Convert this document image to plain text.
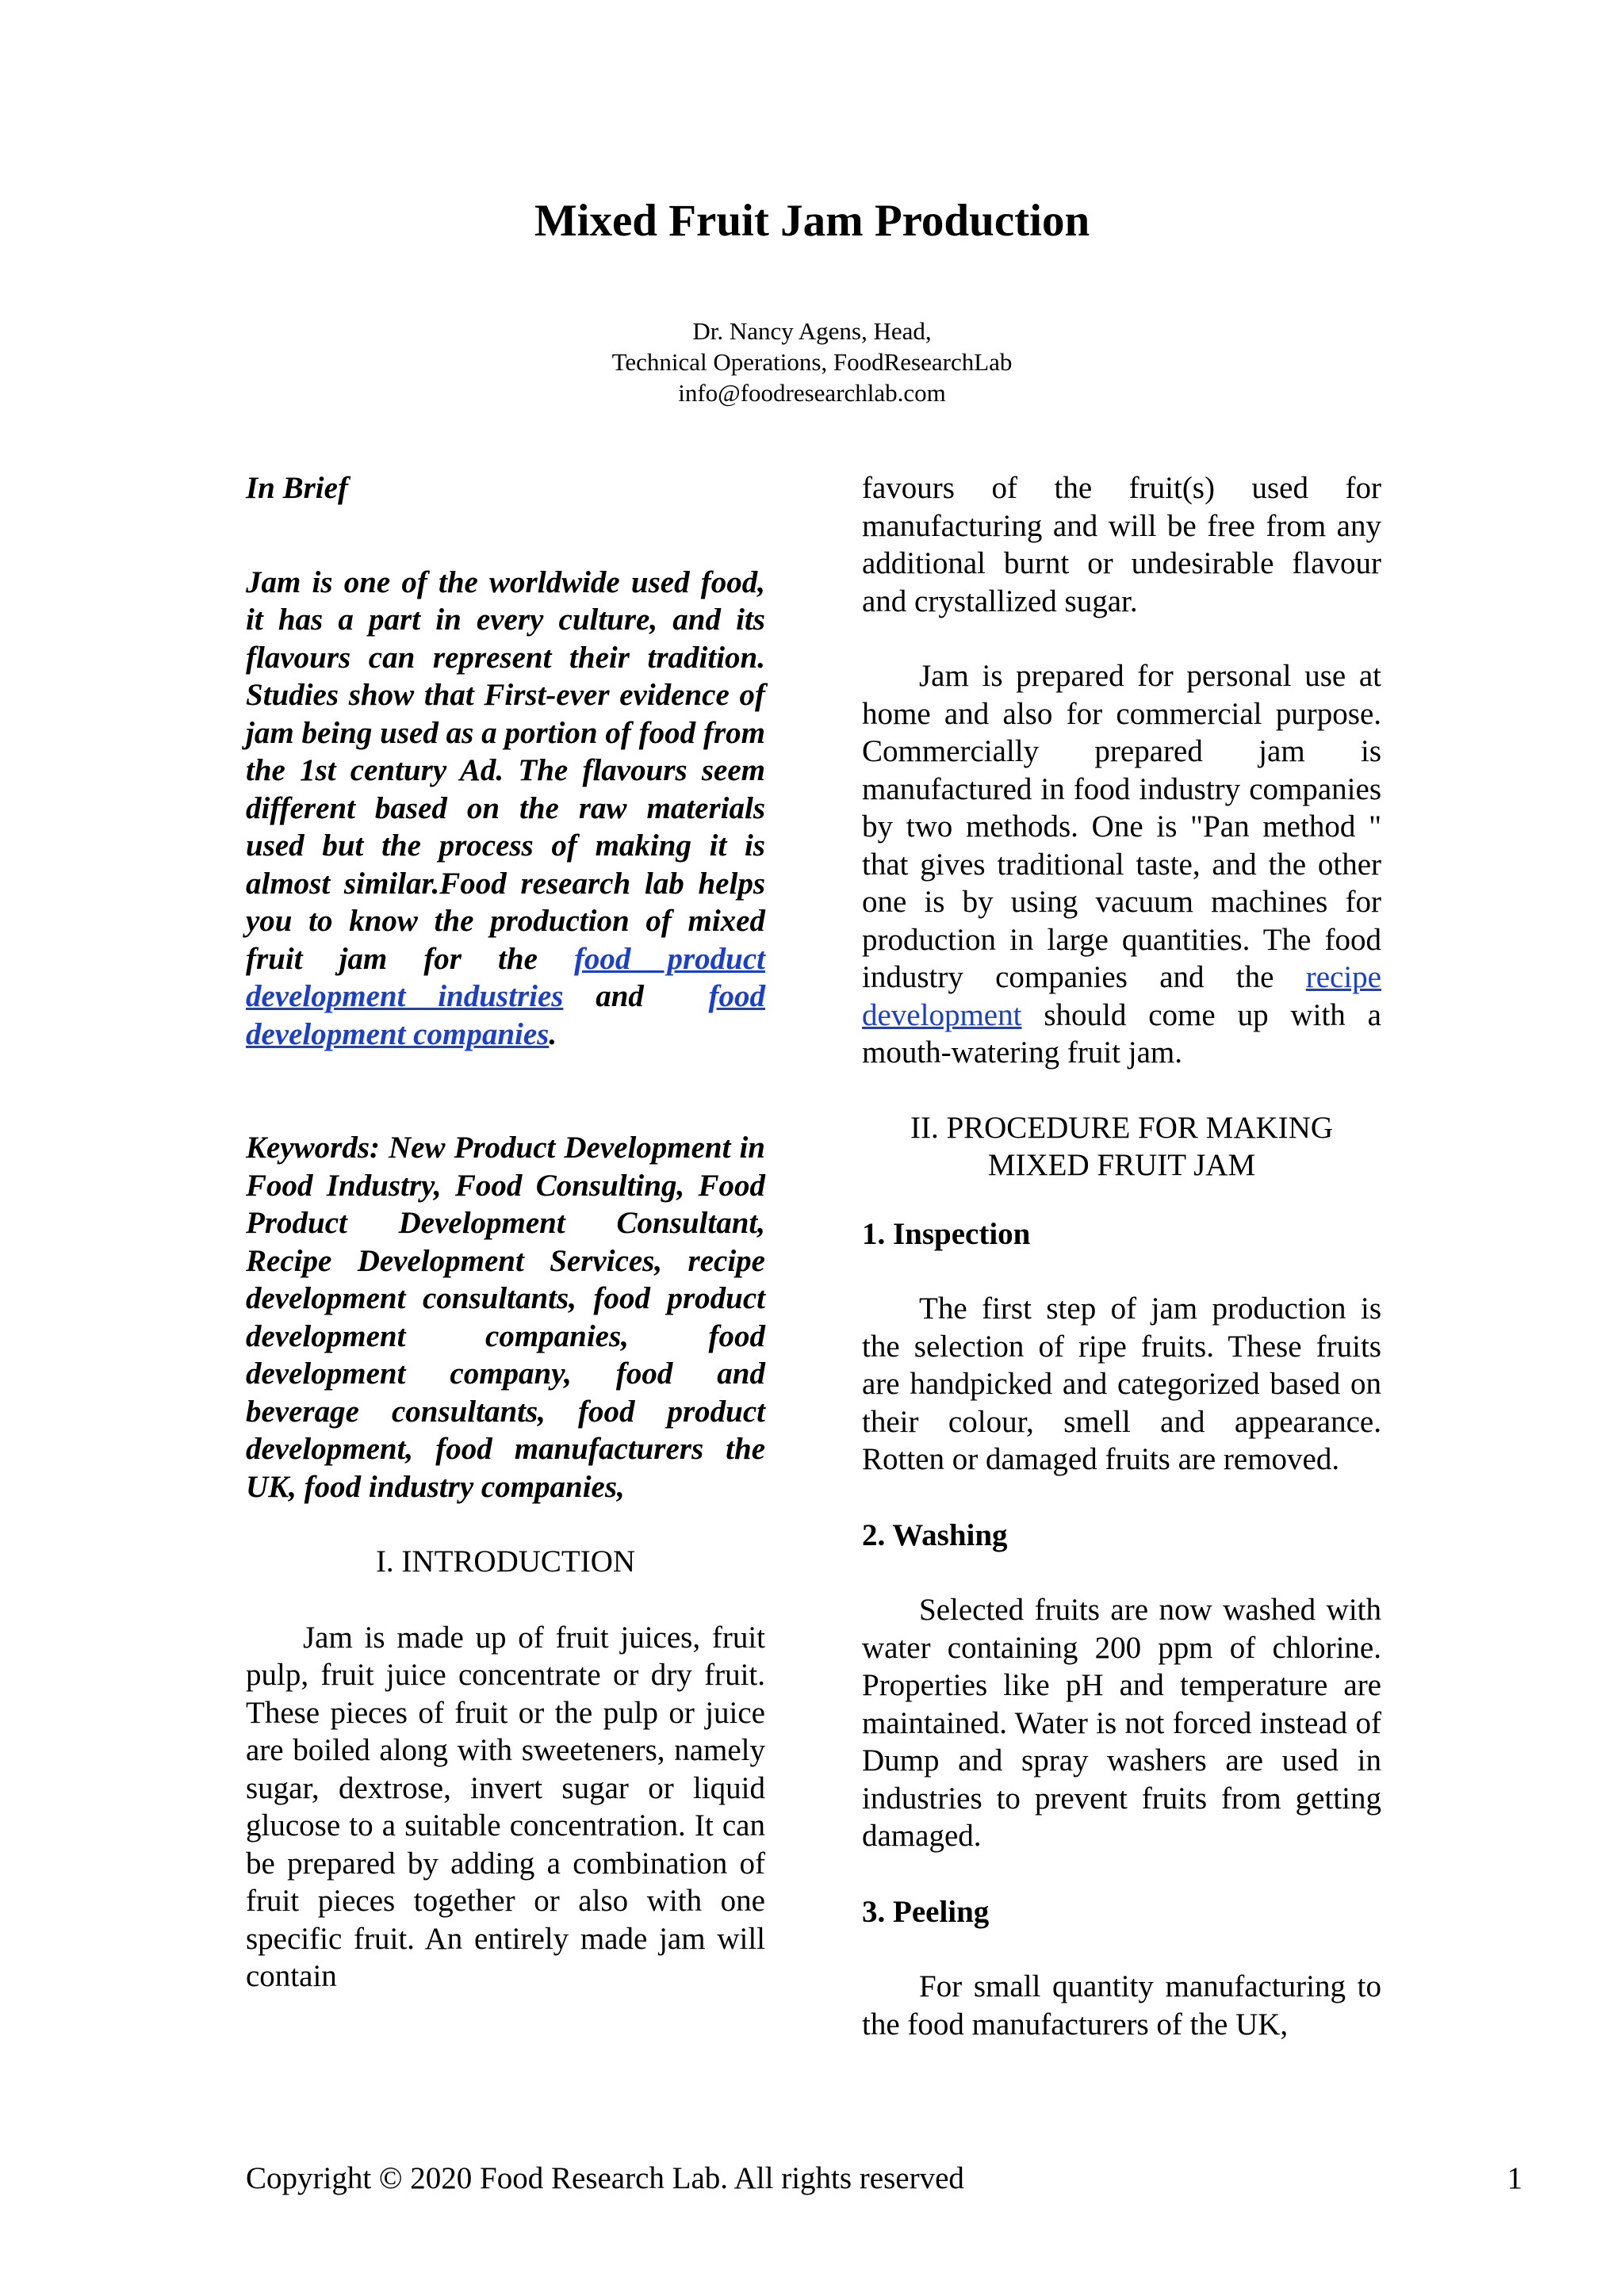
Mixed Fruit Jam Production
Dr. Nancy Agens, Head,
Technical Operations, FoodResearchLab
info@foodresearchlab.com

In Brief

Jam is one of the worldwide used food, it has a part in every culture, and its flavours can represent their tradition. Studies show that First-ever evidence of jam being used as a portion of food from the 1st century Ad. The flavours seem different based on the raw materials used but the process of making it is almost similar.Food research lab helps you to know the production of mixed fruit jam for the food product development industries and food development companies.

Keywords: New Product Development in Food Industry, Food Consulting, Food Product Development Consultant, Recipe Development Services, recipe development consultants, food product development companies, food development company, food and beverage consultants, food product development, food manufacturers the UK, food industry companies,

I. INTRODUCTION

Jam is made up of fruit juices, fruit pulp, fruit juice concentrate or dry fruit. These pieces of fruit or the pulp or juice are boiled along with sweeteners, namely sugar, dextrose, invert sugar or liquid glucose to a suitable concentration. It can be prepared by adding a combination of fruit pieces together or also with one specific fruit. An entirely made jam will contain

favours of the fruit(s) used for manufacturing and will be free from any additional burnt or undesirable flavour and crystallized sugar.

Jam is prepared for personal use at home and also for commercial purpose. Commercially prepared jam is manufactured in food industry companies by two methods. One is "Pan method " that gives traditional taste, and the other one is by using vacuum machines for production in large quantities. The food industry companies and the recipe development should come up with a mouth-watering fruit jam.

II. PROCEDURE FOR MAKING

MIXED FRUIT JAM

1. Inspection

The first step of jam production is the selection of ripe fruits. These fruits are handpicked and categorized based on their colour, smell and appearance. Rotten or damaged fruits are removed.

2. Washing

Selected fruits are now washed with water containing 200 ppm of chlorine. Properties like pH and temperature are maintained. Water is not forced instead of Dump and spray washers are used in industries to prevent fruits from getting damaged.

3. Peeling

For small quantity manufacturing to the food manufacturers of the UK,

Copyright © 2020 Food Research Lab. All rights reserved	1
